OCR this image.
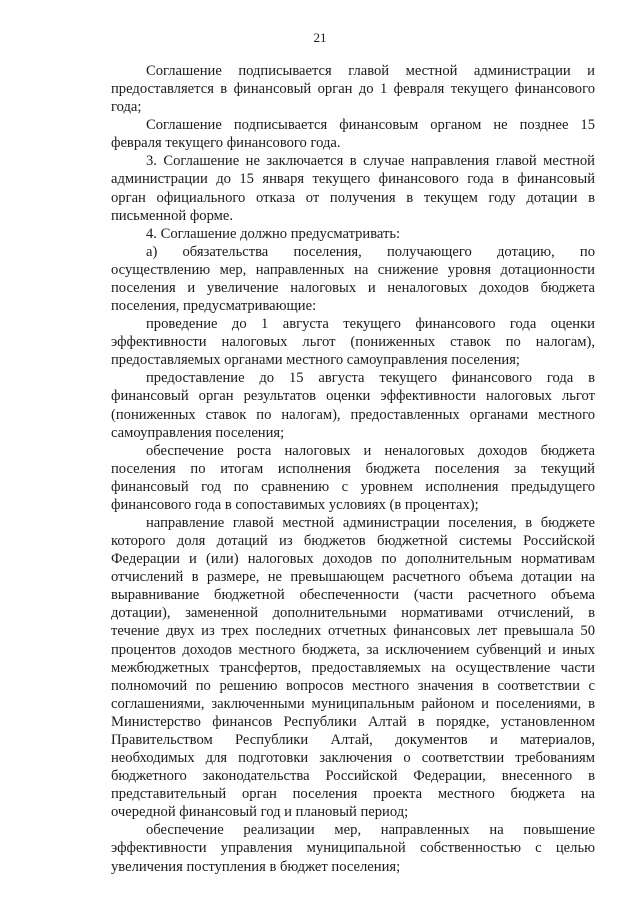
21
Соглашение подписывается главой местной администрации и
предоставляется в финансовый орган до 1 февраля текущего финансового
года;
Соглашение подписывается финансовым органом не позднее 15
февраля текущего финансового года.
3. Соглашение не заключается в случае направления главой местной
администрации до 15 января текущего финансового года в финансовый
орган официального отказа от получения в текущем году дотации в
письменной форме.
4. Соглашение должно предусматривать:
а) обязательства поселения, получающего дотацию, по
осуществлению мер, направленных на снижение уровня дотационности
поселения и увеличение налоговых и неналоговых доходов бюджета
поселения, предусматривающие:
проведение до 1 августа текущего финансового года оценки
эффективности налоговых льгот (пониженных ставок по налогам),
предоставляемых органами местного самоуправления поселения;
предоставление до 15 августа текущего финансового года в
финансовый орган результатов оценки эффективности налоговых льгот
(пониженных ставок по налогам), предоставленных органами местного
самоуправления поселения;
обеспечение роста налоговых и неналоговых доходов бюджета
поселения по итогам исполнения бюджета поселения за текущий
финансовый год по сравнению с уровнем исполнения предыдущего
финансового года в сопоставимых условиях (в процентах);
направление главой местной администрации поселения, в бюджете
которого доля дотаций из бюджетов бюджетной системы Российской
Федерации и (или) налоговых доходов по дополнительным нормативам
отчислений в размере, не превышающем расчетного объема дотации на
выравнивание бюджетной обеспеченности (части расчетного объема
дотации), замененной дополнительными нормативами отчислений, в
течение двух из трех последних отчетных финансовых лет превышала 50
процентов доходов местного бюджета, за исключением субвенций и иных
межбюджетных трансфертов, предоставляемых на осуществление части
полномочий по решению вопросов местного значения в соответствии с
соглашениями, заключенными муниципальным районом и поселениями, в
Министерство финансов Республики Алтай в порядке, установленном
Правительством Республики Алтай, документов и материалов,
необходимых для подготовки заключения о соответствии требованиям
бюджетного законодательства Российской Федерации, внесенного в
представительный орган поселения проекта местного бюджета на
очередной финансовый год и плановый период;
обеспечение реализации мер, направленных на повышение
эффективности управления муниципальной собственностью с целью
увеличения поступления в бюджет поселения;
